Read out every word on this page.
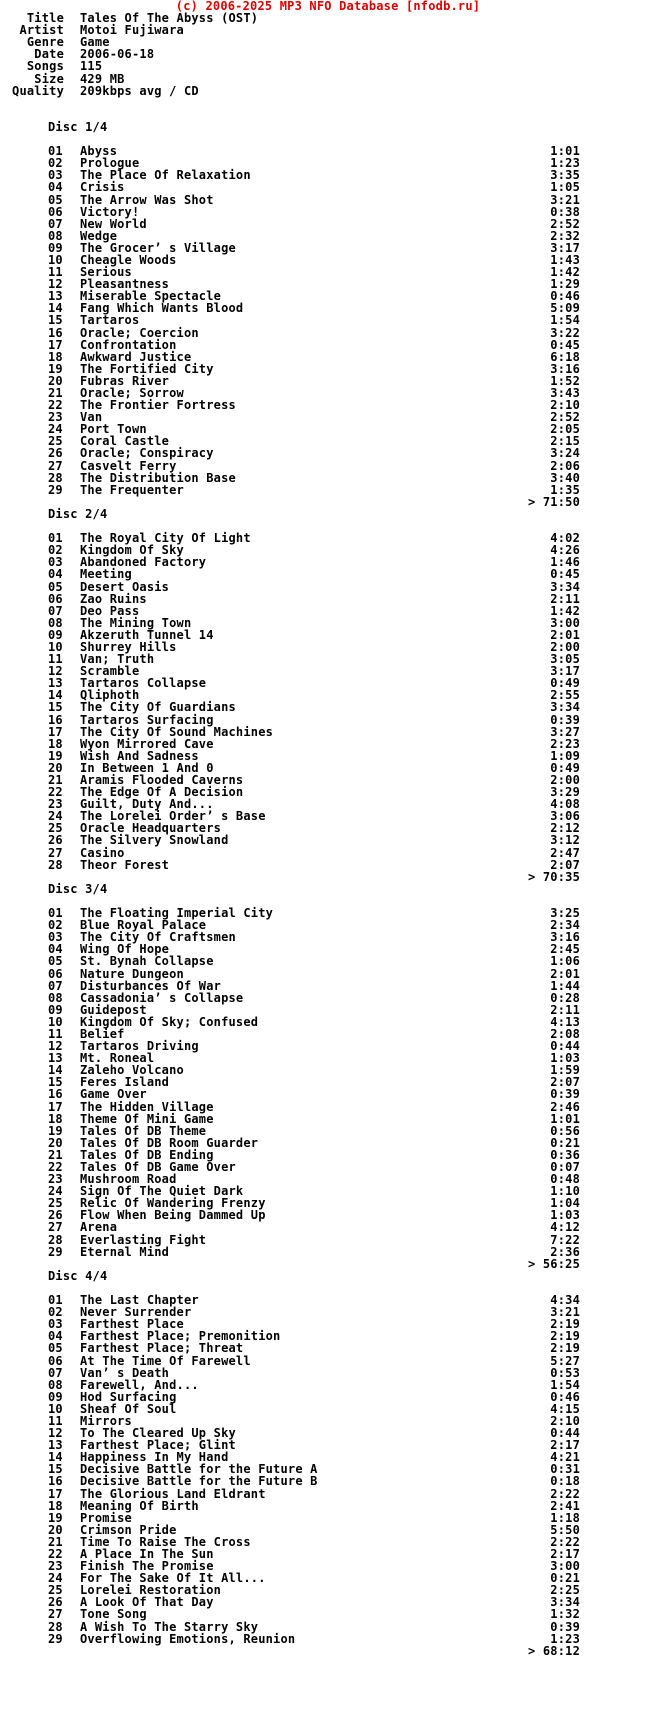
(c) 2006-2025 MP3 NFO Database [nfodb.ru]
Title Tales Of The Abyss (OST)
Artist Motoi Fujiwara
Genre Game
Date 2006-06-18
Songs 115
Size 429 MB
Quality 209kbps avg / CD
Disc 1/4
01 Abyss	1:01
02 Prologue	1:23
03 The Place Of Relaxation	3:35
04 Crisis	1:05
05 The Arrow Was Shot	3:21
06 Victory!	0:38
07 New World	2:52
08 Wedge	2:32
09 The Grocer’ s Village	3:17
10 Cheagle Woods	1:43
11 Serious	1:42
12 Pleasantness	1:29
13 Miserable Spectacle	0:46
14 Fang Which Wants Blood	5:09
15 Tartaros	1:54
16 Oracle; Coercion	3:22
17 Confrontation	0:45
18 Awkward Justice	6:18
19 The Fortified City	3:16
20 Fubras River	1:52
21 Oracle; Sorrow	3:43
22 The Frontier Fortress	2:10
23 Van	2:52
24 Port Town	2:05
25 Coral Castle	2:15
26 Oracle; Conspiracy	3:24
27 Casvelt Ferry	2:06
28 The Distribution Base	3:40
29 The Frequenter	1:35
> 71:50
Disc 2/4
01 The Royal City Of Light	4:02
02 Kingdom Of Sky	4:26
03 Abandoned Factory	1:46
04 Meeting	0:45
05 Desert Oasis	3:34
06 Zao Ruins	2:11
07 Deo Pass	1:42
08 The Mining Town	3:00
09 Akzeruth Tunnel 14	2:01
10 Shurrey Hills	2:00
11 Van; Truth	3:05
12 Scramble	3:17
13 Tartaros Collapse	0:49
14 Qliphoth	2:55
15 The City Of Guardians	3:34
16 Tartaros Surfacing	0:39
17 The City Of Sound Machines	3:27
18 Wyon Mirrored Cave	2:23
19 Wish And Sadness	1:09
20 In Between 1 And 0	0:49
21 Aramis Flooded Caverns	2:00
22 The Edge Of A Decision	3:29
23 Guilt, Duty And...	4:08
24 The Lorelei Order’ s Base	3:06
25 Oracle Headquarters	2:12
26 The Silvery Snowland	3:12
27 Casino	2:47
28 Theor Forest	2:07
> 70:35
Disc 3/4
01 The Floating Imperial City	3:25
02 Blue Royal Palace	2:34
03 The City Of Craftsmen	3:16
04 Wing Of Hope	2:45
05 St. Bynah Collapse	1:06
06 Nature Dungeon	2:01
07 Disturbances Of War	1:44
08 Cassadonia’ s Collapse	0:28
09 Guidepost	2:11
10 Kingdom Of Sky; Confused	4:13
11 Belief	2:08
12 Tartaros Driving	0:44
13 Mt. Roneal	1:03
14 Zaleho Volcano	1:59
15 Feres Island	2:07
16 Game Over	0:39
17 The Hidden Village	2:46
18 Theme Of Mini Game	1:01
19 Tales Of DB Theme	0:56
20 Tales Of DB Room Guarder	0:21
21 Tales Of DB Ending	0:36
22 Tales Of DB Game Over	0:07
23 Mushroom Road	0:48
24 Sign Of The Quiet Dark	1:10
25 Relic Of Wandering Frenzy	1:04
26 Flow When Being Dammed Up	1:03
27 Arena	4:12
28 Everlasting Fight	7:22
29 Eternal Mind	2:36
> 56:25
Disc 4/4
01 The Last Chapter	4:34
02 Never Surrender	3:21
03 Farthest Place	2:19
04 Farthest Place; Premonition	2:19
05 Farthest Place; Threat	2:19
06 At The Time Of Farewell	5:27
07 Van’ s Death	0:53
08 Farewell, And...	1:54
09 Hod Surfacing	0:46
10 Sheaf Of Soul	4:15
11 Mirrors	2:10
12 To The Cleared Up Sky	0:44
13 Farthest Place; Glint	2:17
14 Happiness In My Hand	4:21
15 Decisive Battle for the Future A	0:31
16 Decisive Battle for the Future B	0:18
17 The Glorious Land Eldrant	2:22
18 Meaning Of Birth	2:41
19 Promise	1:18
20 Crimson Pride	5:50
21 Time To Raise The Cross	2:22
22 A Place In The Sun	2:17
23 Finish The Promise	3:00
24 For The Sake Of It All...	0:21
25 Lorelei Restoration	2:25
26 A Look Of That Day	3:34
27 Tone Song	1:32
28 A Wish To The Starry Sky	0:39
29 Overflowing Emotions, Reunion	1:23
> 68:12
